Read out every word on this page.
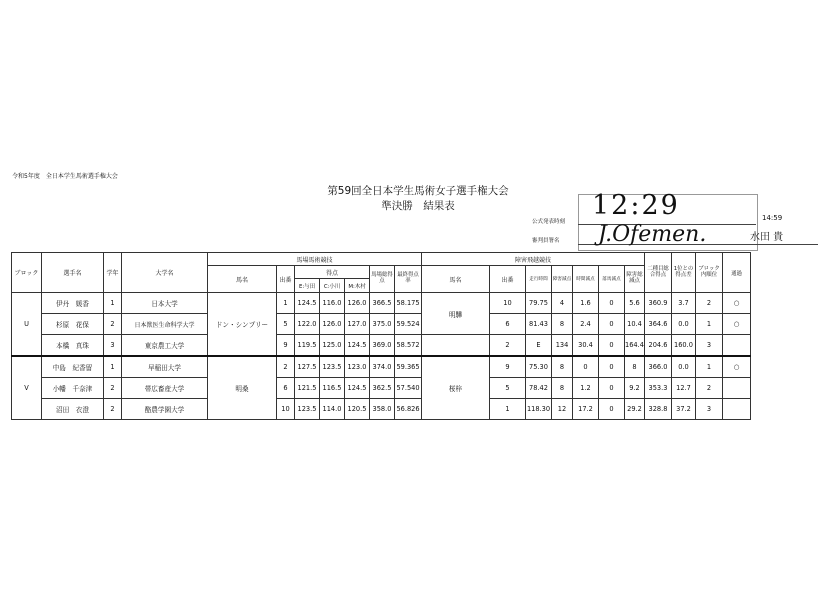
令和5年度　全日本学生馬術選手権大会
第59回全日本学生馬術女子選手権大会
準決勝　結果表
公式発表時刻
審判員署名
12:29
J.Ofemen.
14:59
水田 貴
ブロック	選手名	学年	大学名	馬場馬術競技							障害飛越競技							二種目総合得点	1位との得点差	ブロック内順位	通過
				馬名	出番	得点			馬場総得点	最終得点率	馬名	出番	走行時間	障害減点	時間減点	落馬減点	障害総減点				
						E:与田	C:小川	M:木村													
U	伊丹　媛香	1	日本大学	ドン・シンプリー	1	124.5	116.0	126.0	366.5	58.175	明驊	10	79.75	4	1.6	0	5.6	360.9	3.7	2	○
	杉原　花保	2	日本獣医生命科学大学		5	122.0	126.0	127.0	375.0	59.524		6	81.43	8	2.4	0	10.4	364.6	0.0	1	○
	本橋　真珠	3	東京農工大学		9	119.5	125.0	124.5	369.0	58.572		2	E	134	30.4	0	164.4	204.6	160.0	3	
V	中島　紀香留	1	早稲田大学	明桑	2	127.5	123.5	123.0	374.0	59.365	桜梓	9	75.30	8	0	0	8	366.0	0.0	1	○
	小幡　千奈津	2	帯広畜産大学		6	121.5	116.5	124.5	362.5	57.540		5	78.42	8	1.2	0	9.2	353.3	12.7	2	
	沼田　衣澄	2	酪農学園大学		10	123.5	114.0	120.5	358.0	56.826		1	118.30	12	17.2	0	29.2	328.8	37.2	3	
